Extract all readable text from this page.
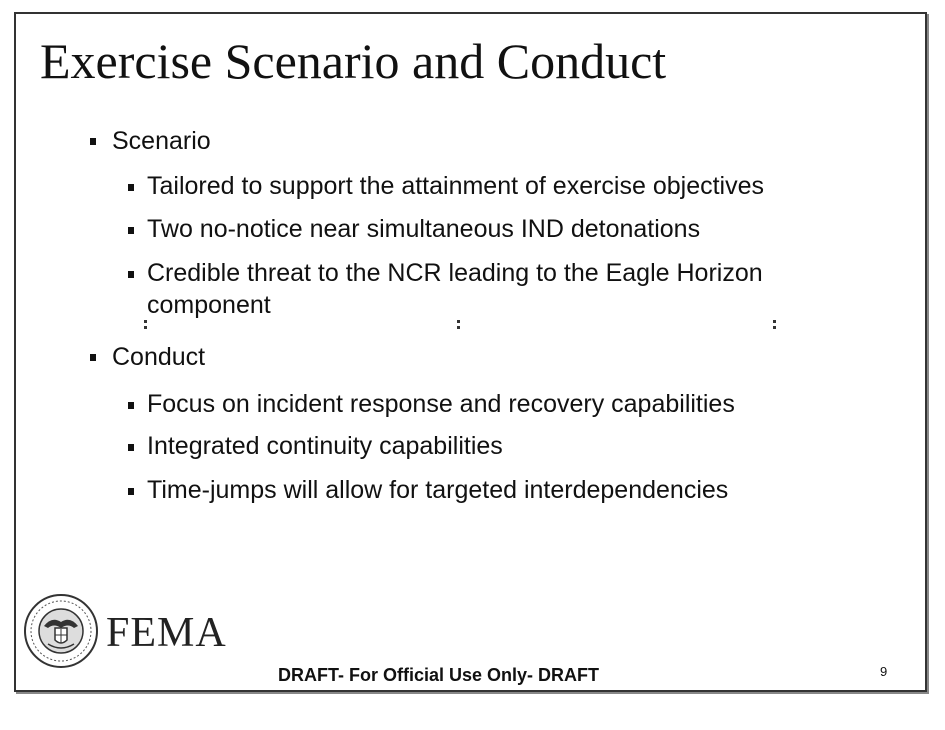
Exercise Scenario and Conduct
Scenario
Tailored to support the attainment of exercise objectives
Two no-notice near simultaneous IND detonations
Credible threat to the NCR leading to the Eagle Horizon
component
Conduct
Focus on incident response and recovery capabilities
Integrated continuity capabilities
Time-jumps will allow for targeted interdependencies
FEMA
DRAFT- For Official Use Only- DRAFT	9
